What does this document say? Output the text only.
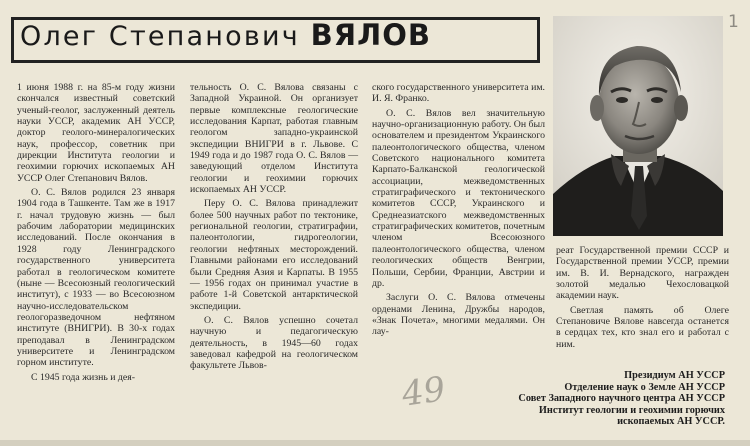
Олег Степанович ВЯЛОВ	1

1 июня 1988 г. на 85-м году жизни скончался известный советский ученый-геолог, заслуженный деятель науки УССР, академик АН УССР, доктор геолого-минералогических наук, профессор, советник при дирекции Института геологии и геохимии горючих ископаемых АН УССР Олег Степанович Вялов.

О. С. Вялов родился 23 января 1904 года в Ташкенте. Там же в 1917 г. начал трудовую жизнь — был рабочим лаборатории медицинских исследований. После окончания в 1928 году Ленинградского государственного университета работал в геологическом комитете (ныне — Всесоюзный геологический институт), с 1933 — во Всесоюзном научно-исследовательском геологоразведочном нефтяном институте (ВНИГРИ). В 30-х годах преподавал в Ленинградском университете и Ленинградском горном институте.

С 1945 года жизнь и дея-

тельность О. С. Вялова связаны с Западной Украиной. Он организует первые комплексные геологические исследования Карпат, работая главным геологом западно-украинской экспедиции ВНИГРИ в г. Львове. С 1949 года и до 1987 года О. С. Вялов — заведующий отделом Института геологии и геохимии горючих ископаемых АН УССР.

Перу О. С. Вялова принадлежит более 500 научных работ по тектонике, региональной геологии, стратиграфии, палеонтологии, гидрогеологии, геологии нефтяных месторождений. Главными районами его исследований были Средняя Азия и Карпаты. В 1955 — 1956 годах он принимал участие в работе 1-й Советской антарктической экспедиции.

О. С. Вялов успешно сочетал научную и педагогическую деятельность, в 1945—60 годах заведовал кафедрой на геологическом факультете Львов-

ского государственного университета им. И. Я. Франко.

О. С. Вялов вел значительную научно-организационную работу. Он был основателем и президентом Украинского палеонтологического общества, членом Советского национального комитета Карпато-Балканской геологической ассоциации, межведомственных стратиграфического и тектонического комитетов СССР, Украинского и Среднеазиатского межведомственных стратиграфических комитетов, почетным членом Всесоюзного палеонтологического общества, членом геологических обществ Венгрии, Польши, Сербии, Франции, Австрии и др.

Заслуги О. С. Вялова отмечены орденами Ленина, Дружбы народов, «Знак Почета», многими медалями. Он лау-

реат Государственной премии СССР и Государственной премии УССР, премии им. В. И. Вернадского, награжден золотой медалью Чехословацкой академии наук.

Светлая память об Олеге Степановиче Вялове навсегда останется в сердцах тех, кто знал его и работал с ним.

49	Президиум АН УССР
Отделение наук о Земле АН УССР
Совет Западного научного центра АН УССР
Институт геологии и геохимии горючих
ископаемых АН УССР.
